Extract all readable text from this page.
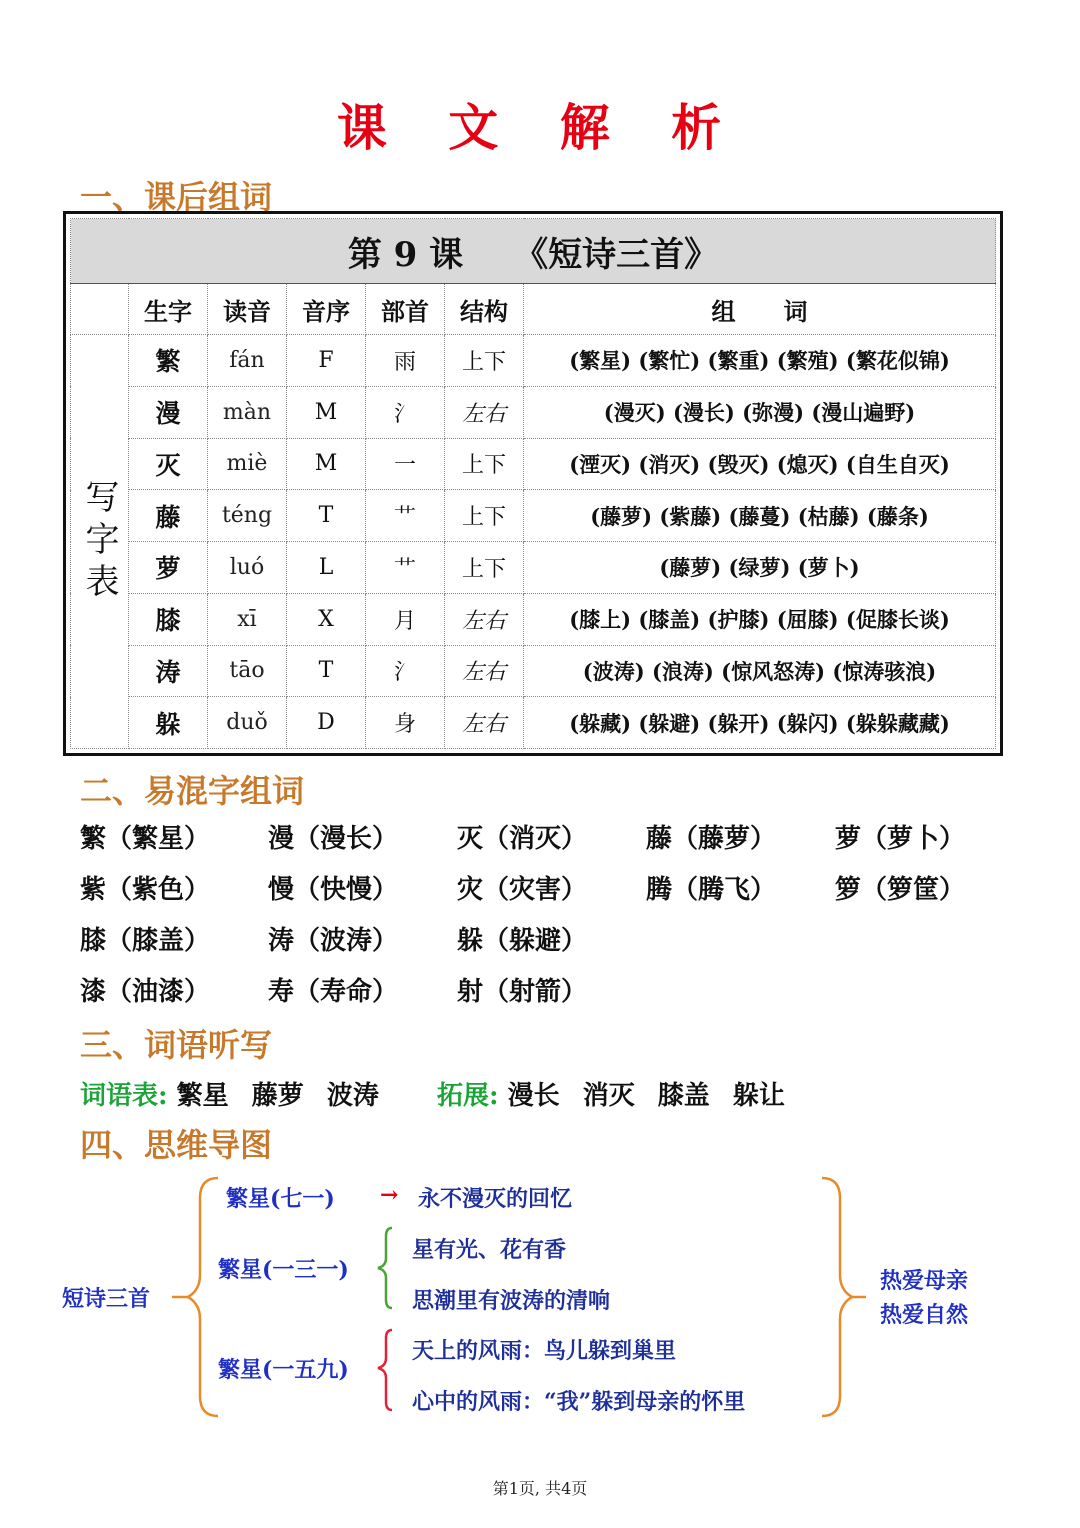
课 文 解 析
一、课后组词
第 9 课　　《短诗三首》						
	生字	读音	音序	部首	结构	组　　词
写字表	繁	fán	F	雨	上下	(繁星) (繁忙) (繁重) (繁殖) (繁花似锦)
	漫	màn	M	氵	左右	(漫灭) (漫长) (弥漫) (漫山遍野)
	灭	miè	M	一	上下	(湮灭) (消灭) (毁灭) (熄灭) (自生自灭)
	藤	téng	T	艹	上下	(藤萝) (紫藤) (藤蔓) (枯藤) (藤条)
	萝	luó	L	艹	上下	(藤萝) (绿萝) (萝卜)
	膝	xī	X	月	左右	(膝上) (膝盖) (护膝) (屈膝) (促膝长谈)
	涛	tāo	T	氵	左右	(波涛) (浪涛) (惊风怒涛) (惊涛骇浪)
	躲	duǒ	D	身	左右	(躲藏) (躲避) (躲开) (躲闪) (躲躲藏藏)
二、易混字组词
繁（繁星） 漫（漫长） 灭（消灭） 藤（藤萝） 萝（萝卜）
紫（紫色） 慢（快慢） 灾（灾害） 腾（腾飞） 箩（箩筐）
膝（膝盖） 涛（波涛） 躲（躲避）
漆（油漆） 寿（寿命） 射（射箭）
三、词语听写
词语表: 繁星 藤萝 波涛 拓展: 漫长 消灭 膝盖 躲让
四、思维导图
短诗三首
繁星(七一) → 永不漫灭的回忆
繁星(一三一)
星有光、花有香
思潮里有波涛的清响
繁星(一五九)
天上的风雨：鸟儿躲到巢里
心中的风雨：“我”躲到母亲的怀里
热爱母亲
热爱自然
第1页, 共4页
